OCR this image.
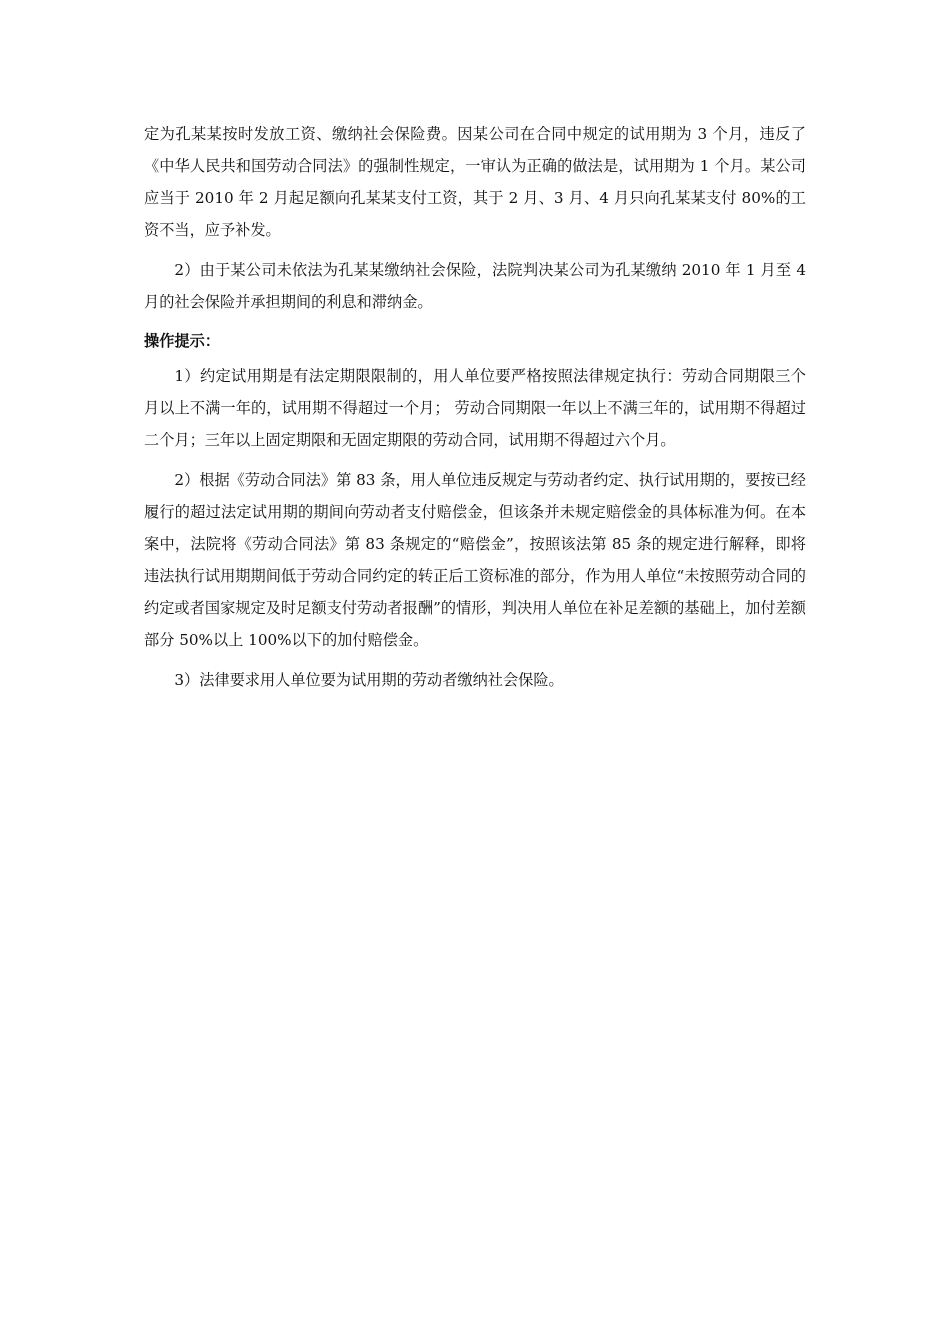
定为孔某某按时发放工资、缴纳社会保险费。因某公司在合同中规定的试用期为 3 个月，违反了《中华人民共和国劳动合同法》的强制性规定，一审认为正确的做法是，试用期为 1 个月。某公司应当于 2010 年 2 月起足额向孔某某支付工资，其于 2 月、3 月、4 月只向孔某某支付 80%的工资不当，应予补发。

2）由于某公司未依法为孔某某缴纳社会保险，法院判决某公司为孔某缴纳 2010 年 1 月至 4 月的社会保险并承担期间的利息和滞纳金。

操作提示：

1）约定试用期是有法定期限限制的，用人单位要严格按照法律规定执行：劳动合同期限三个月以上不满一年的，试用期不得超过一个月； 劳动合同期限一年以上不满三年的，试用期不得超过二个月；三年以上固定期限和无固定期限的劳动合同，试用期不得超过六个月。

2）根据《劳动合同法》第 83 条，用人单位违反规定与劳动者约定、执行试用期的，要按已经履行的超过法定试用期的期间向劳动者支付赔偿金，但该条并未规定赔偿金的具体标准为何。在本案中，法院将《劳动合同法》第 83 条规定的“赔偿金”，按照该法第 85 条的规定进行解释，即将违法执行试用期期间低于劳动合同约定的转正后工资标准的部分，作为用人单位“未按照劳动合同的约定或者国家规定及时足额支付劳动者报酬”的情形，判决用人单位在补足差额的基础上，加付差额部分 50%以上 100%以下的加付赔偿金。

3）法律要求用人单位要为试用期的劳动者缴纳社会保险。
